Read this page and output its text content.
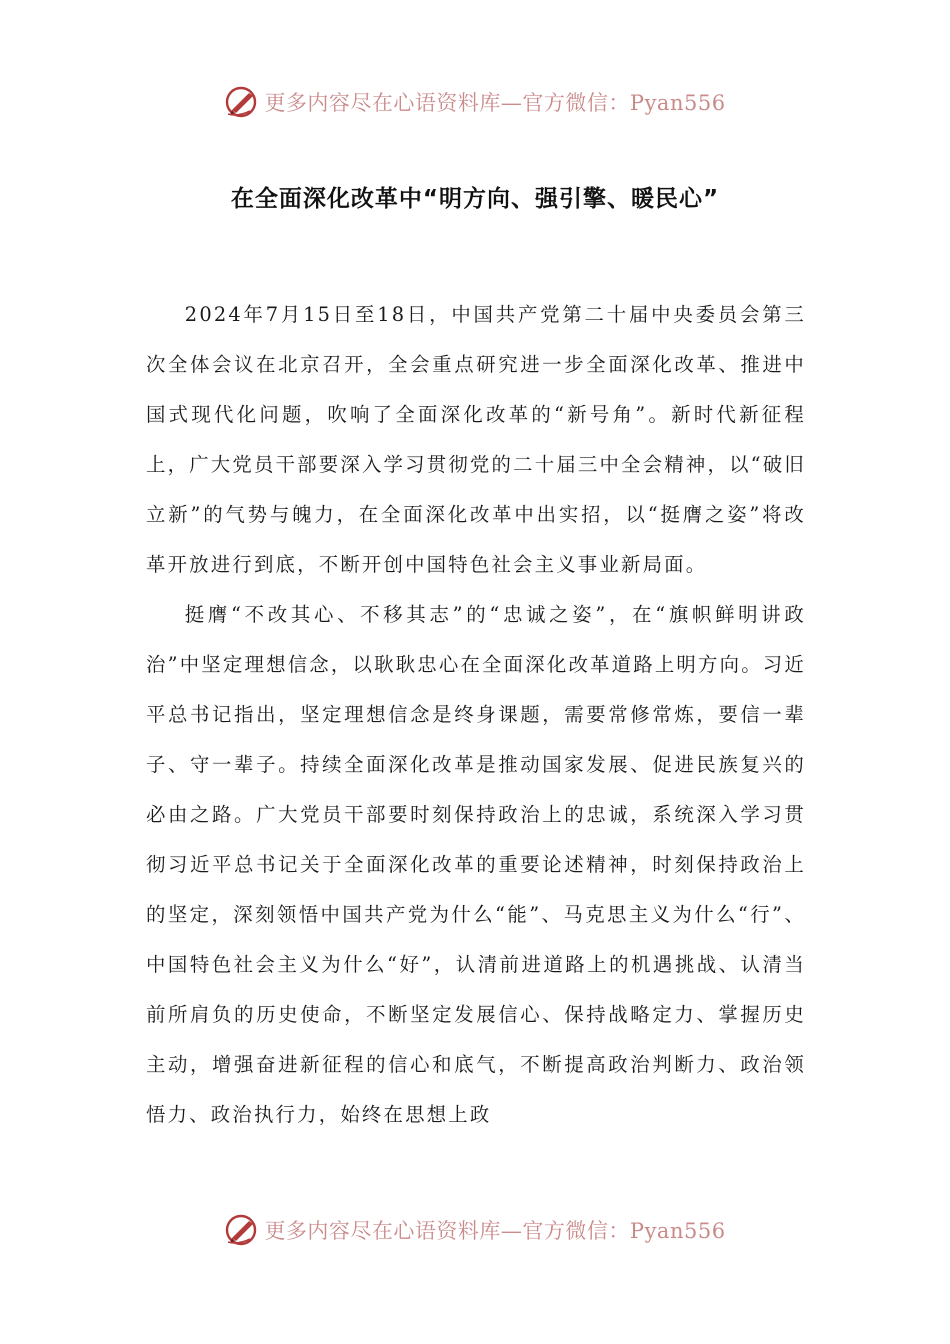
更多内容尽在心语资料库—官方微信：Pyan556
在全面深化改革中“明方向、强引擎、暖民心”

2024年7月15日至18日，中国共产党第二十届中央委员会第三次全体会议在北京召开，全会重点研究进一步全面深化改革、推进中国式现代化问题，吹响了全面深化改革的“新号角”。新时代新征程上，广大党员干部要深入学习贯彻党的二十届三中全会精神，以“破旧立新”的气势与魄力，在全面深化改革中出实招，以“挺膺之姿”将改革开放进行到底，不断开创中国特色社会主义事业新局面。

挺膺“不改其心、不移其志”的“忠诚之姿”，在“旗帜鲜明讲政治”中坚定理想信念，以耿耿忠心在全面深化改革道路上明方向。习近平总书记指出，坚定理想信念是终身课题，需要常修常炼，要信一辈子、守一辈子。持续全面深化改革是推动国家发展、促进民族复兴的必由之路。广大党员干部要时刻保持政治上的忠诚，系统深入学习贯彻习近平总书记关于全面深化改革的重要论述精神，时刻保持政治上的坚定，深刻领悟中国共产党为什么“能”、马克思主义为什么“行”、中国特色社会主义为什么“好”，认清前进道路上的机遇挑战、认清当前所肩负的历史使命，不断坚定发展信心、保持战略定力、掌握历史主动，增强奋进新征程的信心和底气，不断提高政治判断力、政治领悟力、政治执行力，始终在思想上政

更多内容尽在心语资料库—官方微信：Pyan556
